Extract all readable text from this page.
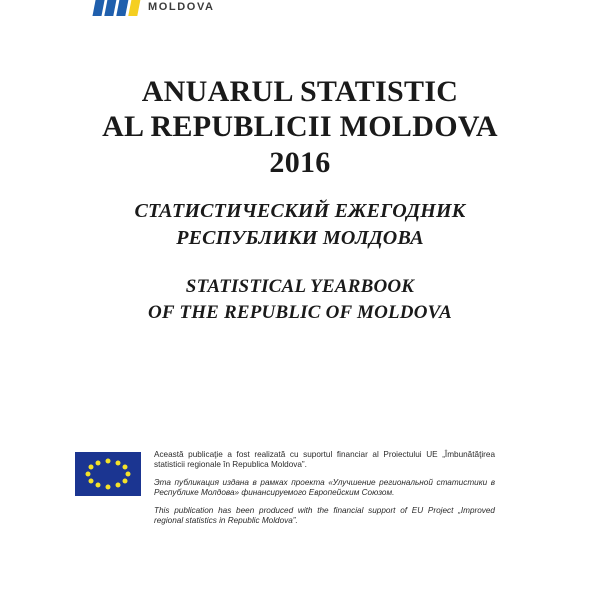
MOLDOVA
ANUARUL STATISTIC
AL REPUBLICII MOLDOVA
2016
СТАТИСТИЧЕСКИЙ ЕЖЕГОДНИК
РЕСПУБЛИКИ МОЛДОВА
STATISTICAL YEARBOOK
OF THE REPUBLIC OF MOLDOVA

Această publicaţie a fost realizată cu suportul financiar al Proiectului UE „Îmbunătăţirea statisticii regionale în Republica Moldova”.

Эта публикация издана в рамках проекта «Улучшение региональной статистики в Республике Молдова» финансируемого Европейским Союзом.

This publication has been produced with the financial support of EU Project „Improved regional statistics in Republic Moldova”.
